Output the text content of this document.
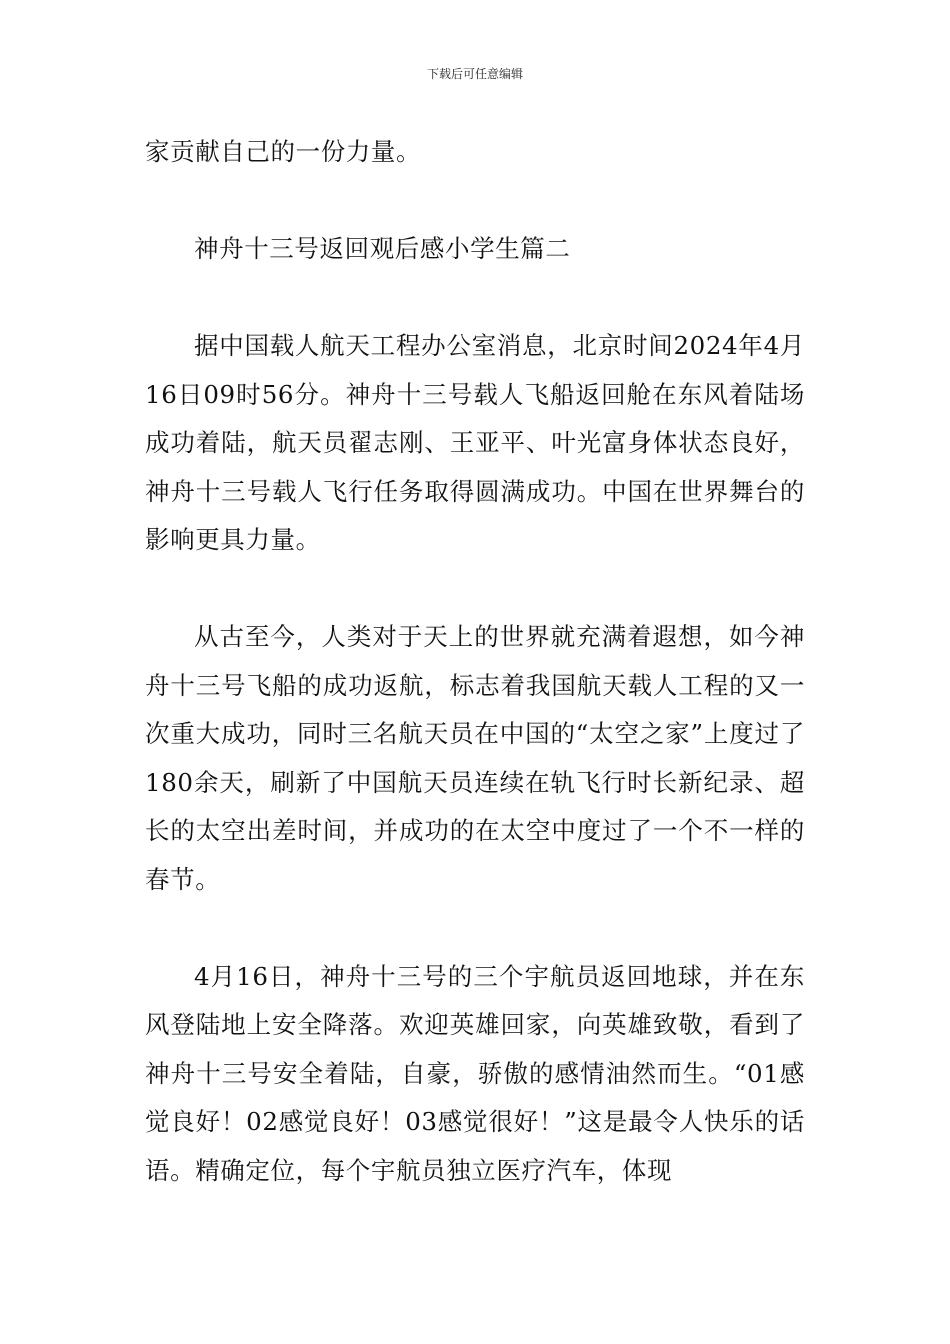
下载后可任意编辑

家贡献自己的一份力量。

神舟十三号返回观后感小学生篇二

据中国载人航天工程办公室消息，北京时间2024年4月16日09时56分。神舟十三号载人飞船返回舱在东风着陆场成功着陆，航天员翟志刚、王亚平、叶光富身体状态良好，神舟十三号载人飞行任务取得圆满成功。中国在世界舞台的影响更具力量。

从古至今，人类对于天上的世界就充满着遐想，如今神舟十三号飞船的成功返航，标志着我国航天载人工程的又一次重大成功，同时三名航天员在中国的“太空之家”上度过了180余天，刷新了中国航天员连续在轨飞行时长新纪录、超长的太空出差时间，并成功的在太空中度过了一个不一样的春节。

4月16日，神舟十三号的三个宇航员返回地球，并在东风登陆地上安全降落。欢迎英雄回家，向英雄致敬，看到了神舟十三号安全着陆，自豪，骄傲的感情油然而生。“01感觉良好！02感觉良好！03感觉很好！”这是最令人快乐的话语。精确定位，每个宇航员独立医疗汽车，体现
